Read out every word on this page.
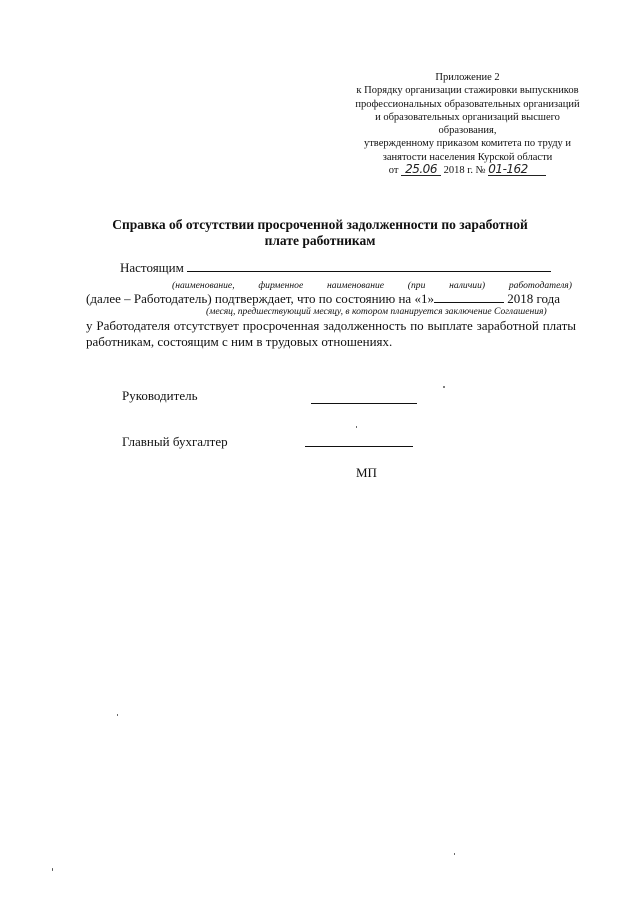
Приложение 2
к Порядку организации стажировки выпускников
профессиональных образовательных организаций
и образовательных организаций высшего
образования,
утвержденному приказом комитета по труду и
занятости населения Курской области
от 25.06 2018 г. № 01-162
Справка об отсутствии просроченной задолженности по заработной плате работникам
Настоящим
(наименование, фирменное наименование (при наличии) работодателя)
(далее – Работодатель) подтверждает, что по состоянию на «1»	2018 года
(месяц, предшествующий месяцу, в котором планируется заключение Соглашения)
у Работодателя отсутствует просроченная задолженность по выплате заработной платы работникам, состоящим с ним в трудовых отношениях.
Руководитель
Главный бухгалтер
МП
